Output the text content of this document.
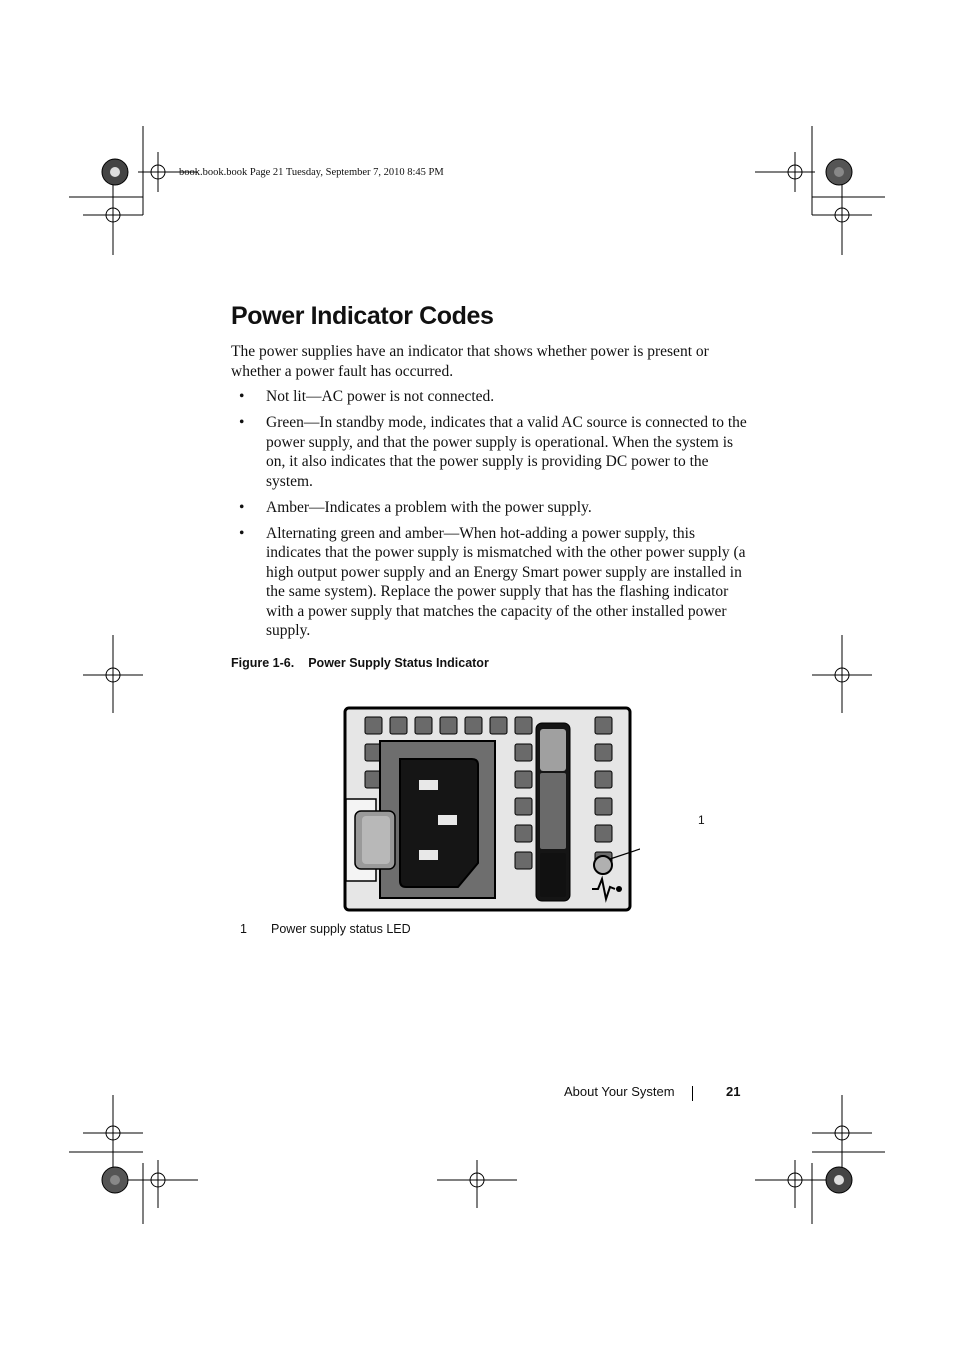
book.book.book Page 21 Tuesday, September 7, 2010 8:45 PM
Power Indicator Codes

The power supplies have an indicator that shows whether power is present or whether a power fault has occurred.

• Not lit—AC power is not connected.
• Green—In standby mode, indicates that a valid AC source is connected to the power supply, and that the power supply is operational. When the system is on, it also indicates that the power supply is providing DC power to the system.
• Amber—Indicates a problem with the power supply.
• Alternating green and amber—When hot-adding a power supply, this indicates that the power supply is mismatched with the other power supply (a high output power supply and an Energy Smart power supply are installed in the same system). Replace the power supply that has the flashing indicator with a power supply that matches the capacity of the other installed power supply.

Figure 1-6. Power Supply Status Indicator

1
1 Power supply status LED
About Your System	21
